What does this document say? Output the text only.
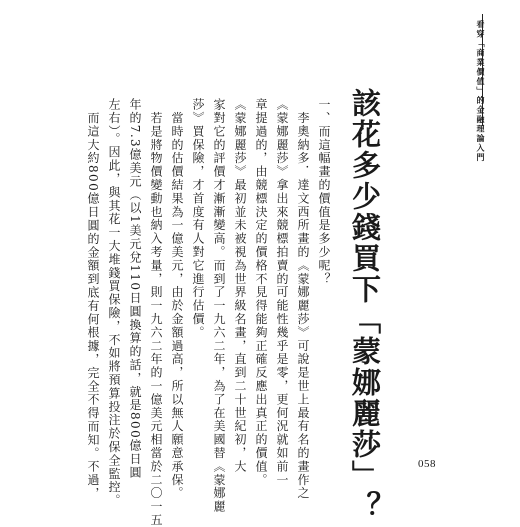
看穿「商業價值」的金融理論入門
該花多少錢買下「蒙娜麗莎」？
一、而這幅畫的價值是多少呢？
　李奧納多．達文西所畫的《蒙娜麗莎》可說是世上最有名的畫作之
《蒙娜麗莎》拿出來競標拍賣的可能性幾乎是零，更何況就如前一
章提過的，由競標決定的價格不見得能夠正確反應出真正的價值。
《蒙娜麗莎》最初並未被視為世界級名畫，直到二十世紀初，大
家對它的評價才漸漸變高。而到了一九六二年，為了在美國替《蒙娜麗
莎》買保險，才首度有人對它進行估價。
　當時的估價結果為一億美元，由於金額過高，所以無人願意承保。
　若是將物價變動也納入考量，則一九六二年的一億美元相當於二〇一五
年的7.3億美元（以1美元兌110日圓換算的話，就是800億日圓
左右）。因此，與其花一大堆錢買保險，不如將預算投注於保全監控。
　而這大約800億日圓的金額到底有何根據，完全不得而知。不過，	058
